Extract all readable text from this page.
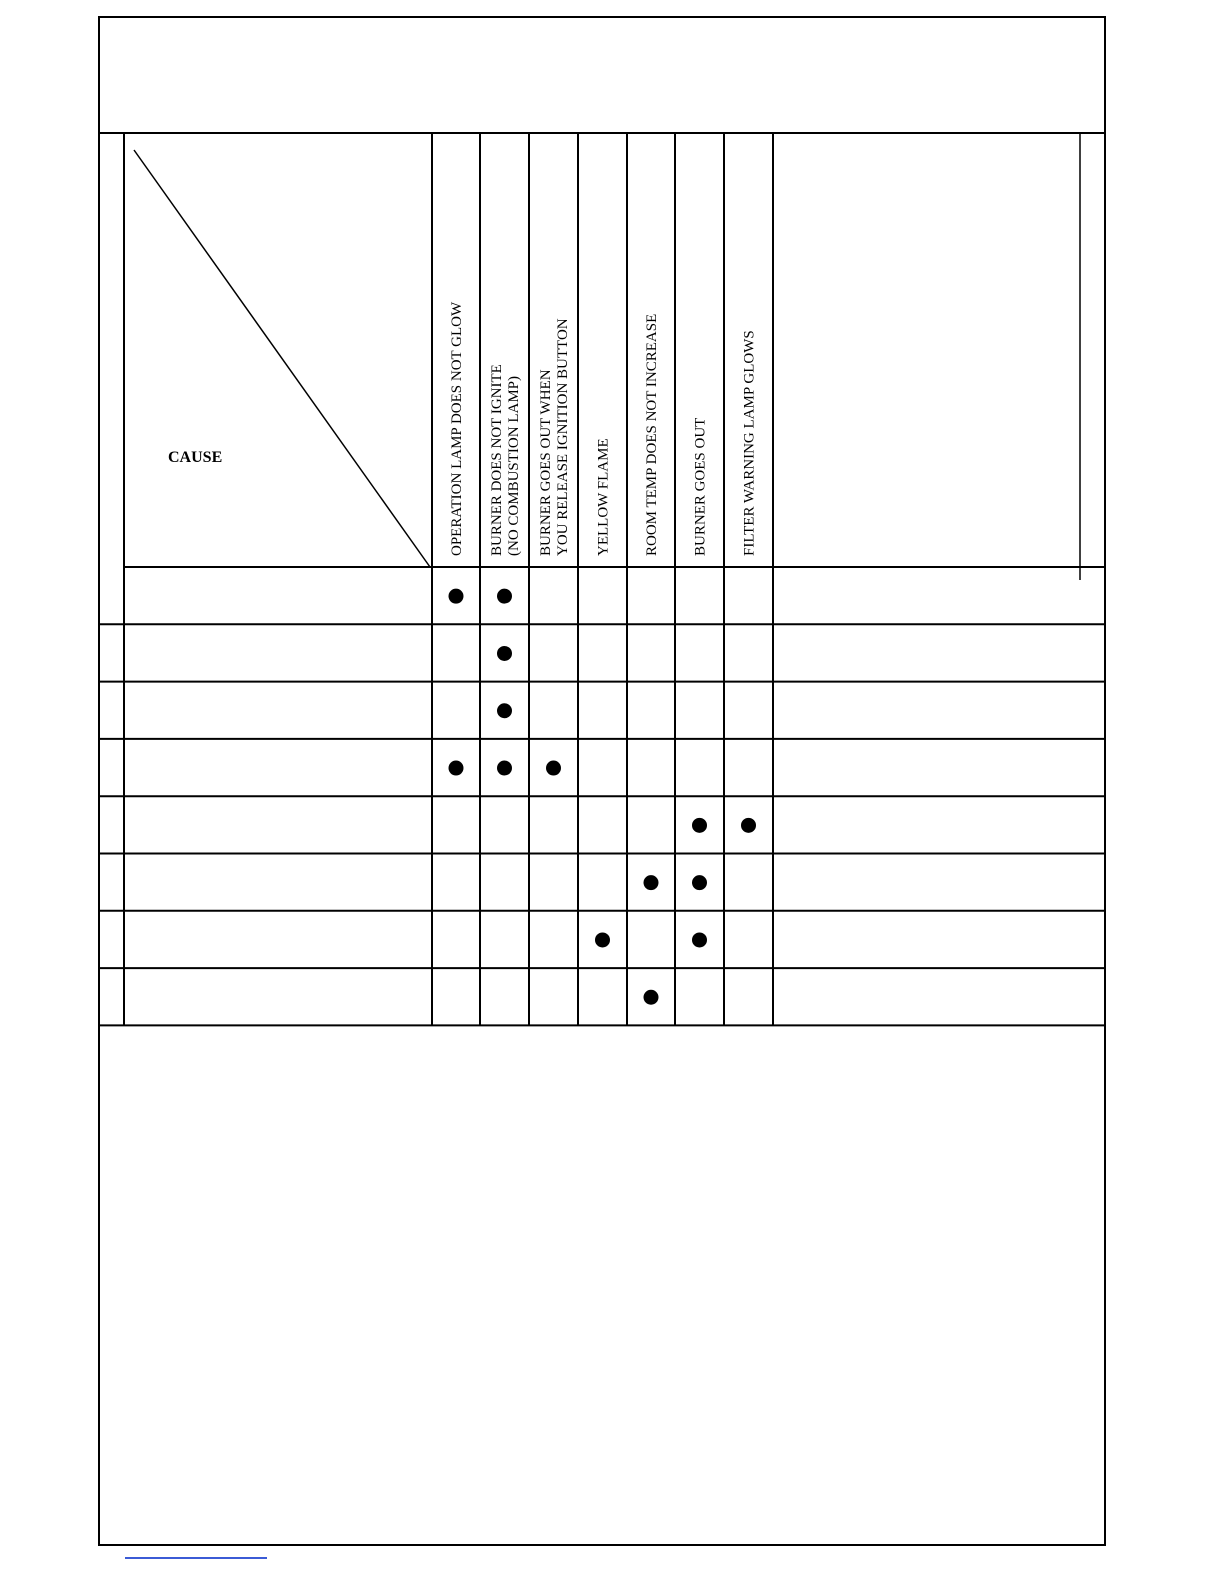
OPERATION LAMP DOES NOT GLOW BURNER DOES NOT IGNITE (NO COMBUSTION LAMP) BURNER GOES OUT WHEN YOU RELEASE IGNITION BUTTON YELLOW FLAME ROOM TEMP DOES NOT INCREASE BURNER GOES OUT FILTER WARNING LAMP GLOWS
CAUSE
